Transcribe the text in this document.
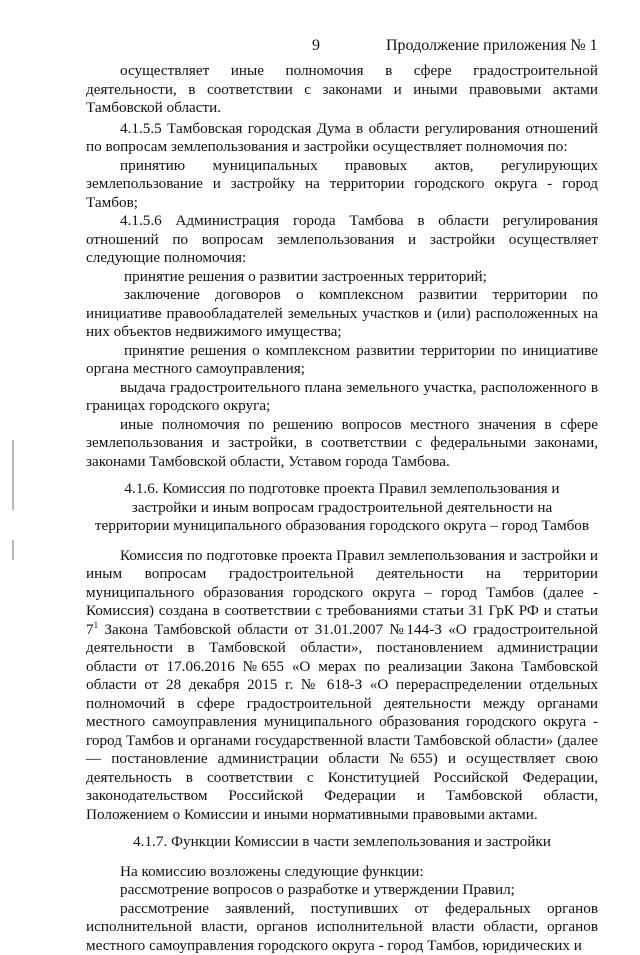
9	Продолжение приложения № 1

осуществляет иные полномочия в сфере градостроительной деятельности, в соответствии с законами и иными правовыми актами Тамбовской области.

4.1.5.5 Тамбовская городская Дума в области регулирования отношений по вопросам землепользования и застройки осуществляет полномочия по:

принятию муниципальных правовых актов, регулирующих землепользование и застройку на территории городского округа - город Тамбов;

4.1.5.6 Администрация города Тамбова в области регулирования отношений по вопросам землепользования и застройки осуществляет следующие полномочия:

принятие решения о развитии застроенных территорий;

заключение договоров о комплексном развитии территории по инициативе правообладателей земельных участков и (или) расположенных на них объектов недвижимого имущества;

принятие решения о комплексном развитии территории по инициативе органа местного самоуправления;

выдача градостроительного плана земельного участка, расположенного в границах городского округа;

иные полномочия по решению вопросов местного значения в сфере землепользования и застройки, в соответствии с федеральными законами, законами Тамбовской области, Уставом города Тамбова.

4.1.6. Комиссия по подготовке проекта Правил землепользования и застройки и иным вопросам градостроительной деятельности на территории муниципального образования городского округа – город Тамбов

Комиссия по подготовке проекта Правил землепользования и застройки и иным вопросам градостроительной деятельности на территории муниципального образования городского округа – город Тамбов (далее - Комиссия) создана в соответствии с требованиями статьи 31 ГрК РФ и статьи $7^1$ Закона Тамбовской области от 31.01.2007 №144-З «О градостроительной деятельности в Тамбовской области», постановлением администрации области от 17.06.2016 №655 «О мерах по реализации Закона Тамбовской области от 28 декабря 2015 г. № 618-З «О перераспределении отдельных полномочий в сфере градостроительной деятельности между органами местного самоуправления муниципального образования городского округа - город Тамбов и органами государственной власти Тамбовской области» (далее — постановление администрации области №655) и осуществляет свою деятельность в соответствии с Конституцией Российской Федерации, законодательством Российской Федерации и Тамбовской области, Положением о Комиссии и иными нормативными правовыми актами.

4.1.7. Функции Комиссии в части землепользования и застройки

На комиссию возложены следующие функции:

рассмотрение вопросов о разработке и утверждении Правил;

рассмотрение заявлений, поступивших от федеральных органов исполнительной власти, органов исполнительной власти области, органов местного самоуправления городского округа - город Тамбов, юридических и
